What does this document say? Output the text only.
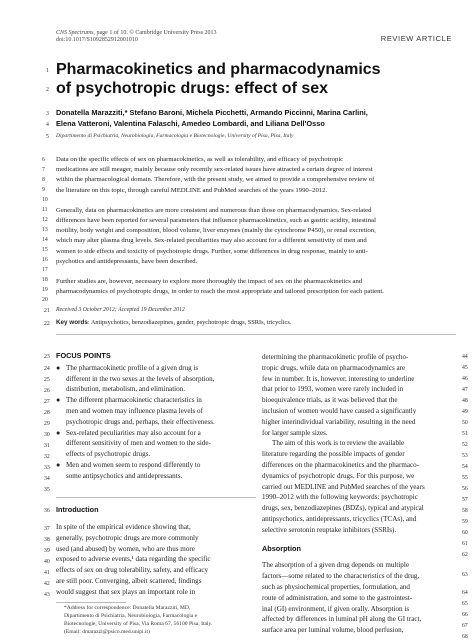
CNS Spectrums, page 1 of 10. © Cambridge University Press 2013
doi:10.1017/S1092852912001010	REVIEW ARTICLE
1
2
Pharmacokinetics and pharmacodynamics
of psychotropic drugs: effect of sex
3
4
5
Donatella Marazziti,* Stefano Baroni, Michela Picchetti, Armando Piccinni, Marina Carlini,
Elena Vatteroni, Valentina Falaschi, Amedeo Lombardi, and Liliana Dell'Osso
Dipartimento di Psichiatria, Neurobiologia, Farmacologia e Biotecnologie, University of Pisa, Pisa, Italy
6
7
8
9
10
11
12
13
14
15
16
17
18
19
20

Data on the specific effects of sex on pharmacokinetics, as well as tolerability, and efficacy of psychotropic
medications are still meager, mainly because only recently sex-related issues have attracted a certain degree of interest
within the pharmacological domain. Therefore, with the present study, we aimed to provide a comprehensive review of
the literature on this topic, through careful MEDLINE and PubMed searches of the years 1990–2012.

Generally, data on pharmacokinetics are more consistent and numerous than those on pharmacodynamics. Sex-related
differences have been reported for several parameters that influence pharmacokinetics, such as gastric acidity, intestinal
motility, body weight and composition, blood volume, liver enzymes (mainly the cytochrome P450), or renal excretion,
which may alter plasma drug levels. Sex-related peculiarities may also account for a different sensitivity of men and
women to side effects and toxicity of psychotropic drugs. Further, some differences in drug response, mainly to anti-
psychotics and antidepressants, have been described.

Further studies are, however, necessary to explore more thoroughly the impact of sex on the pharmacokinetics and
pharmacodynamics of psychotropic drugs, in order to reach the most appropriate and tailored prescription for each patient.

21 Received 3 October 2012; Accepted 19 December 2012
22 Key words: Antipsychotics, benzodiazepines, gender, psychotropic drugs, SSRIs, tricyclics.
23
24
25
26
27
28
29
30
31
32
33
34
35
36
37
38
39
40
41
42
43
FOCUS POINTS
● The pharmacokinetic profile of a given drug is
different in the two sexes at the levels of absorption,
distribution, metabolism, and elimination.
● The different pharmacokinetic characteristics in
men and women may influence plasma levels of
psychotropic drugs and, perhaps, their effectiveness.
● Sex-related peculiarities may also account for a
different sensitivity of men and women to the side-
effects of psychotropic drugs.
● Men and women seem to respond differently to
some antipsychotics and antidepressants.
Introduction
In spite of the empirical evidence showing that,
generally, psychotropic drugs are more commonly
used (and abused) by women, who are thus more
exposed to adverse events,¹ data regarding the specific
effects of sex on drug tolerability, safety, and efficacy
are still poor. Converging, albeit scattered, findings
would suggest that sex plays an important role in
*Address for correspondence: Donatella Marazziti, MD,
Dipartimento di Psichiatria, Neurobiologia, Farmacologia e
Biotecnologie, University of Pisa, Via Roma 67, 56100 Pisa, Italy.
(Email: dmarazzi@psico.med.unipi.it)

determining the pharmacokinetic profile of psycho-
tropic drugs, while data on pharmacodynamics are
few in number. It is, however, interesting to underline
that prior to 1993, women were rarely included in
bioequivalence trials, as it was believed that the
inclusion of women would have caused a significantly
higher interindividual variability, resulting in the need
for larger sample sizes.

The aim of this work is to review the available
literature regarding the possible impacts of gender
differences on the pharmacokinetics and the pharmaco-
dynamics of psychotropic drugs. For this purpose, we
carried out MEDLINE and PubMed searches of the years
1990–2012 with the following keywords: psychotropic
drugs, sex, benzodiazepines (BDZs), typical and atypical
antipsychotics, antidepressants, tricyclics (TCAs), and
selective serotonin reuptake inhibitors (SSRIs).

Absorption

The absorption of a given drug depends on multiple
factors—some related to the characteristics of the drug,
such as physiochemical properties, formulation, and
route of administration, and some to the gastrointest-
inal (GI) environment, if given orally. Absorption is
affected by differences in luminal pH along the GI tract,
surface area per luminal volume, blood perfusion,

44
45
46
47
48
49
50
51
52
53
54
55
56
57
58
59
60
61
62
63
64
65
66
67
68
